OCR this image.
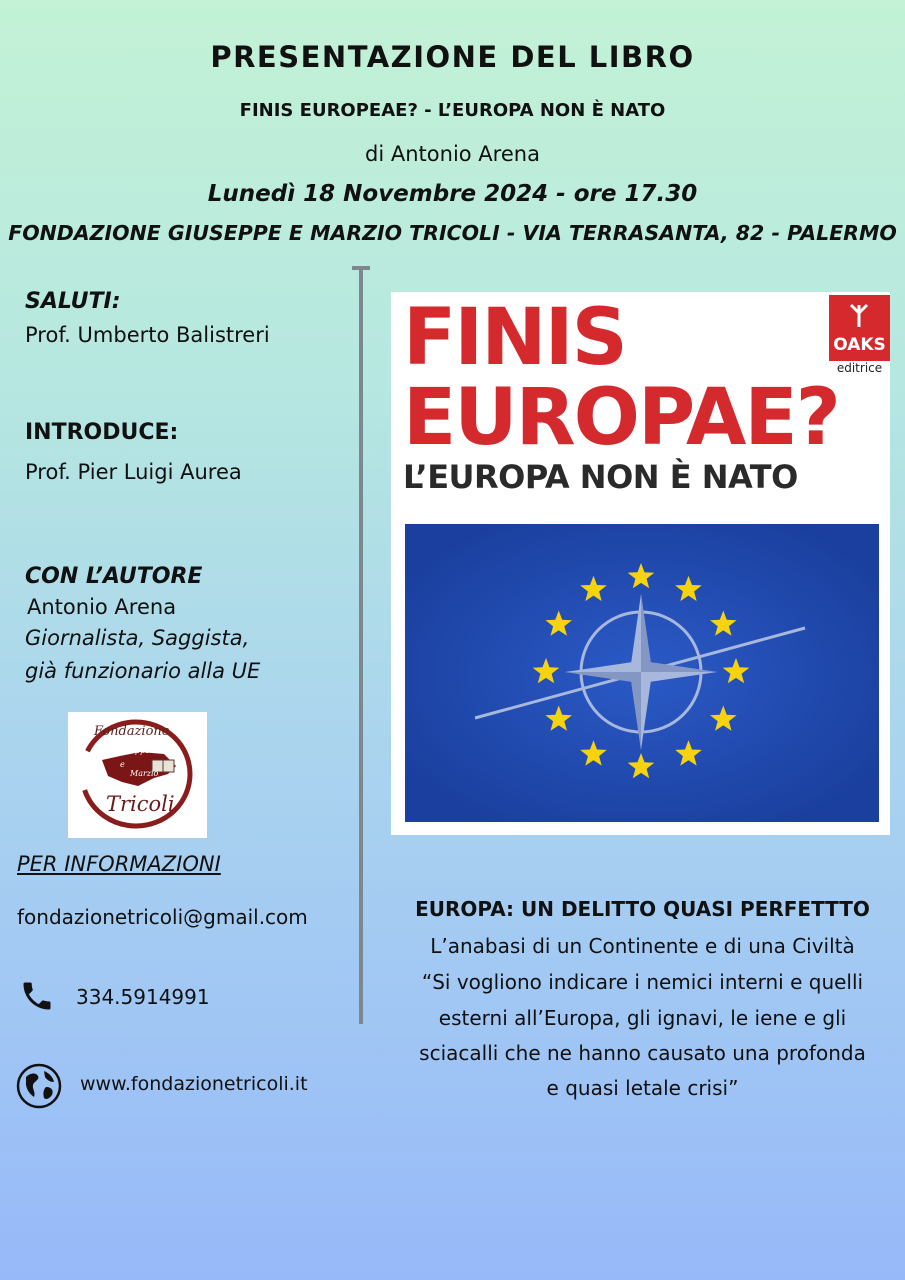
PRESENTAZIONE DEL LIBRO
FINIS EUROPEAE? - L’EUROPA NON È NATO
di Antonio Arena
Lunedì 18 Novembre 2024 - ore 17.30
FONDAZIONE GIUSEPPE E MARZIO TRICOLI - VIA TERRASANTA, 82 - PALERMO
SALUTI:
Prof. Umberto Balistreri
INTRODUCE:
Prof. Pier Luigi Aurea
CON L’AUTORE
Antonio Arena
Giornalista, Saggista,
già funzionario alla UE
Fondazione
Giuseppe
e
Marzio
Tricoli
PER INFORMAZIONI
fondazionetricoli@gmail.com
334.5914991
www.fondazionetricoli.it
FINIS
EUROPAE?
L’EUROPA NON È NATO
OAKS
editrice
EUROPA: UN DELITTO QUASI PERFETTTO
L’anabasi di un Continente e di una Civiltà
“Si vogliono indicare i nemici interni e quelli
esterni all’Europa, gli ignavi, le iene e gli
sciacalli che ne hanno causato una profonda
e quasi letale crisi”
